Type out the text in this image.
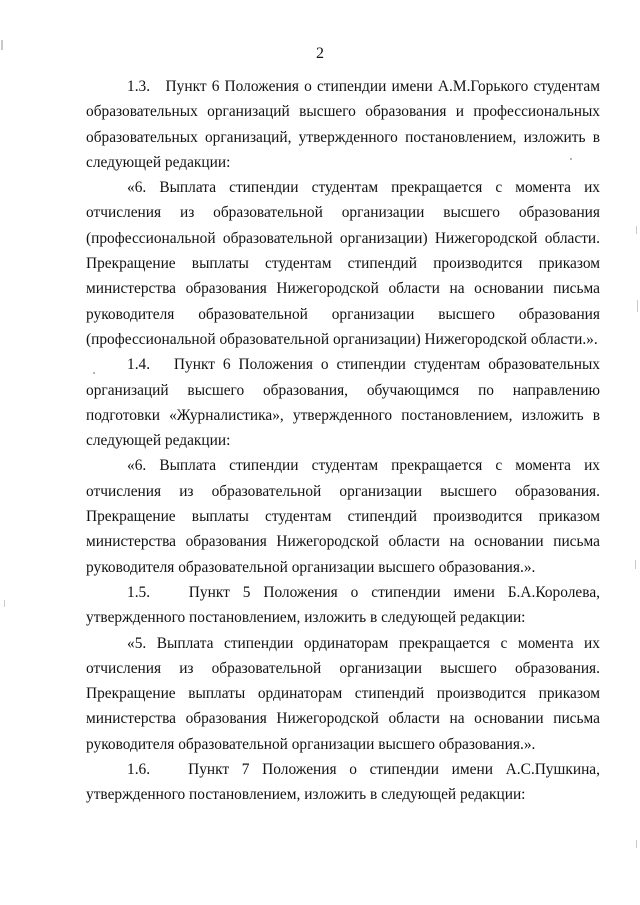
2

1.3.   Пункт 6 Положения о стипендии имени А.М.Горького студентам образовательных организаций высшего образования и профессиональных образовательных организаций, утвержденного постановлением, изложить в следующей редакции:

«6. Выплата стипендии студентам прекращается с момента их отчисления из образовательной организации высшего образования (профессиональной образовательной организации) Нижегородской области. Прекращение выплаты студентам стипендий производится приказом министерства образования Нижегородской области на основании письма руководителя образовательной организации высшего образования (профессиональной образовательной организации) Нижегородской области.».

1.4.   Пункт 6 Положения о стипендии студентам образовательных организаций высшего образования, обучающимся по направлению подготовки «Журналистика», утвержденного постановлением, изложить в следующей редакции:

«6. Выплата стипендии студентам прекращается с момента их отчисления из образовательной организации высшего образования. Прекращение выплаты студентам стипендий производится приказом министерства образования Нижегородской области на основании письма руководителя образовательной организации высшего образования.».

1.5.   Пункт 5 Положения о стипендии имени Б.А.Королева, утвержденного постановлением, изложить в следующей редакции:

«5. Выплата стипендии ординаторам прекращается с момента их отчисления из образовательной организации высшего образования. Прекращение выплаты ординаторам стипендий производится приказом министерства образования Нижегородской области на основании письма руководителя образовательной организации высшего образования.».

1.6.   Пункт 7 Положения о стипендии имени А.С.Пушкина, утвержденного постановлением, изложить в следующей редакции:
